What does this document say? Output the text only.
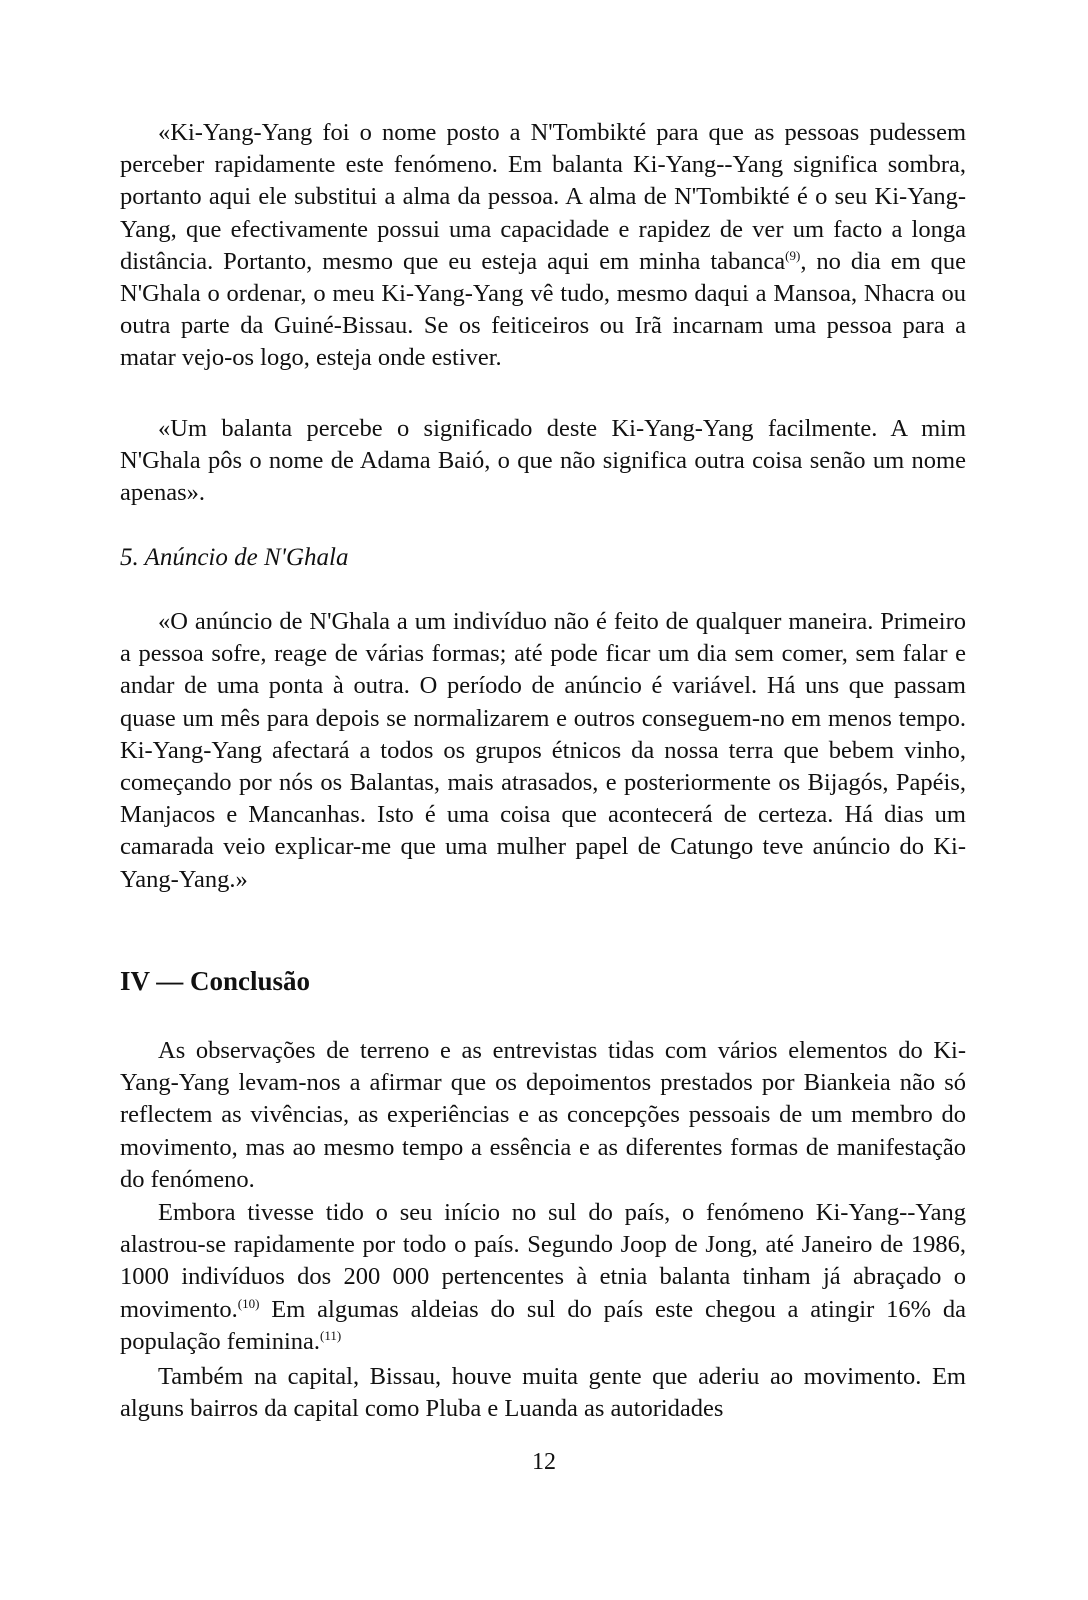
«Ki-Yang-Yang foi o nome posto a N'Tombikté para que as pessoas pudessem perceber rapidamente este fenómeno. Em balanta Ki-Yang--Yang significa sombra, portanto aqui ele substitui a alma da pessoa. A alma de N'Tombikté é o seu Ki-Yang-Yang, que efectivamente possui uma capacidade e rapidez de ver um facto a longa distância. Portanto, mesmo que eu esteja aqui em minha tabanca$^{(9)}$, no dia em que N'Ghala o ordenar, o meu Ki-Yang-Yang vê tudo, mesmo daqui a Mansoa, Nhacra ou outra parte da Guiné-Bissau. Se os feiticeiros ou Irã incarnam uma pessoa para a matar vejo-os logo, esteja onde estiver.

«Um balanta percebe o significado deste Ki-Yang-Yang facilmente. A mim N'Ghala pôs o nome de Adama Baió, o que não significa outra coisa senão um nome apenas».

5. Anúncio de N'Ghala

«O anúncio de N'Ghala a um indivíduo não é feito de qualquer maneira. Primeiro a pessoa sofre, reage de várias formas; até pode ficar um dia sem comer, sem falar e andar de uma ponta à outra. O período de anúncio é variável. Há uns que passam quase um mês para depois se normalizarem e outros conseguem-no em menos tempo. Ki-Yang-Yang afectará a todos os grupos étnicos da nossa terra que bebem vinho, começando por nós os Balantas, mais atrasados, e posteriormente os Bijagós, Papéis, Manjacos e Mancanhas. Isto é uma coisa que acontecerá de certeza. Há dias um camarada veio explicar-me que uma mulher papel de Catungo teve anúncio do Ki-Yang-Yang.»

IV — Conclusão

As observações de terreno e as entrevistas tidas com vários elementos do Ki-Yang-Yang levam-nos a afirmar que os depoimentos prestados por Biankeia não só reflectem as vivências, as experiências e as concepções pessoais de um membro do movimento, mas ao mesmo tempo a essência e as diferentes formas de manifestação do fenómeno.

Embora tivesse tido o seu início no sul do país, o fenómeno Ki-Yang--Yang alastrou-se rapidamente por todo o país. Segundo Joop de Jong, até Janeiro de 1986, 1000 indivíduos dos 200 000 pertencentes à etnia balanta tinham já abraçado o movimento.$^{(10)}$ Em algumas aldeias do sul do país este chegou a atingir 16% da população feminina.$^{(11)}$

Também na capital, Bissau, houve muita gente que aderiu ao movimento. Em alguns bairros da capital como Pluba e Luanda as autoridades

12
